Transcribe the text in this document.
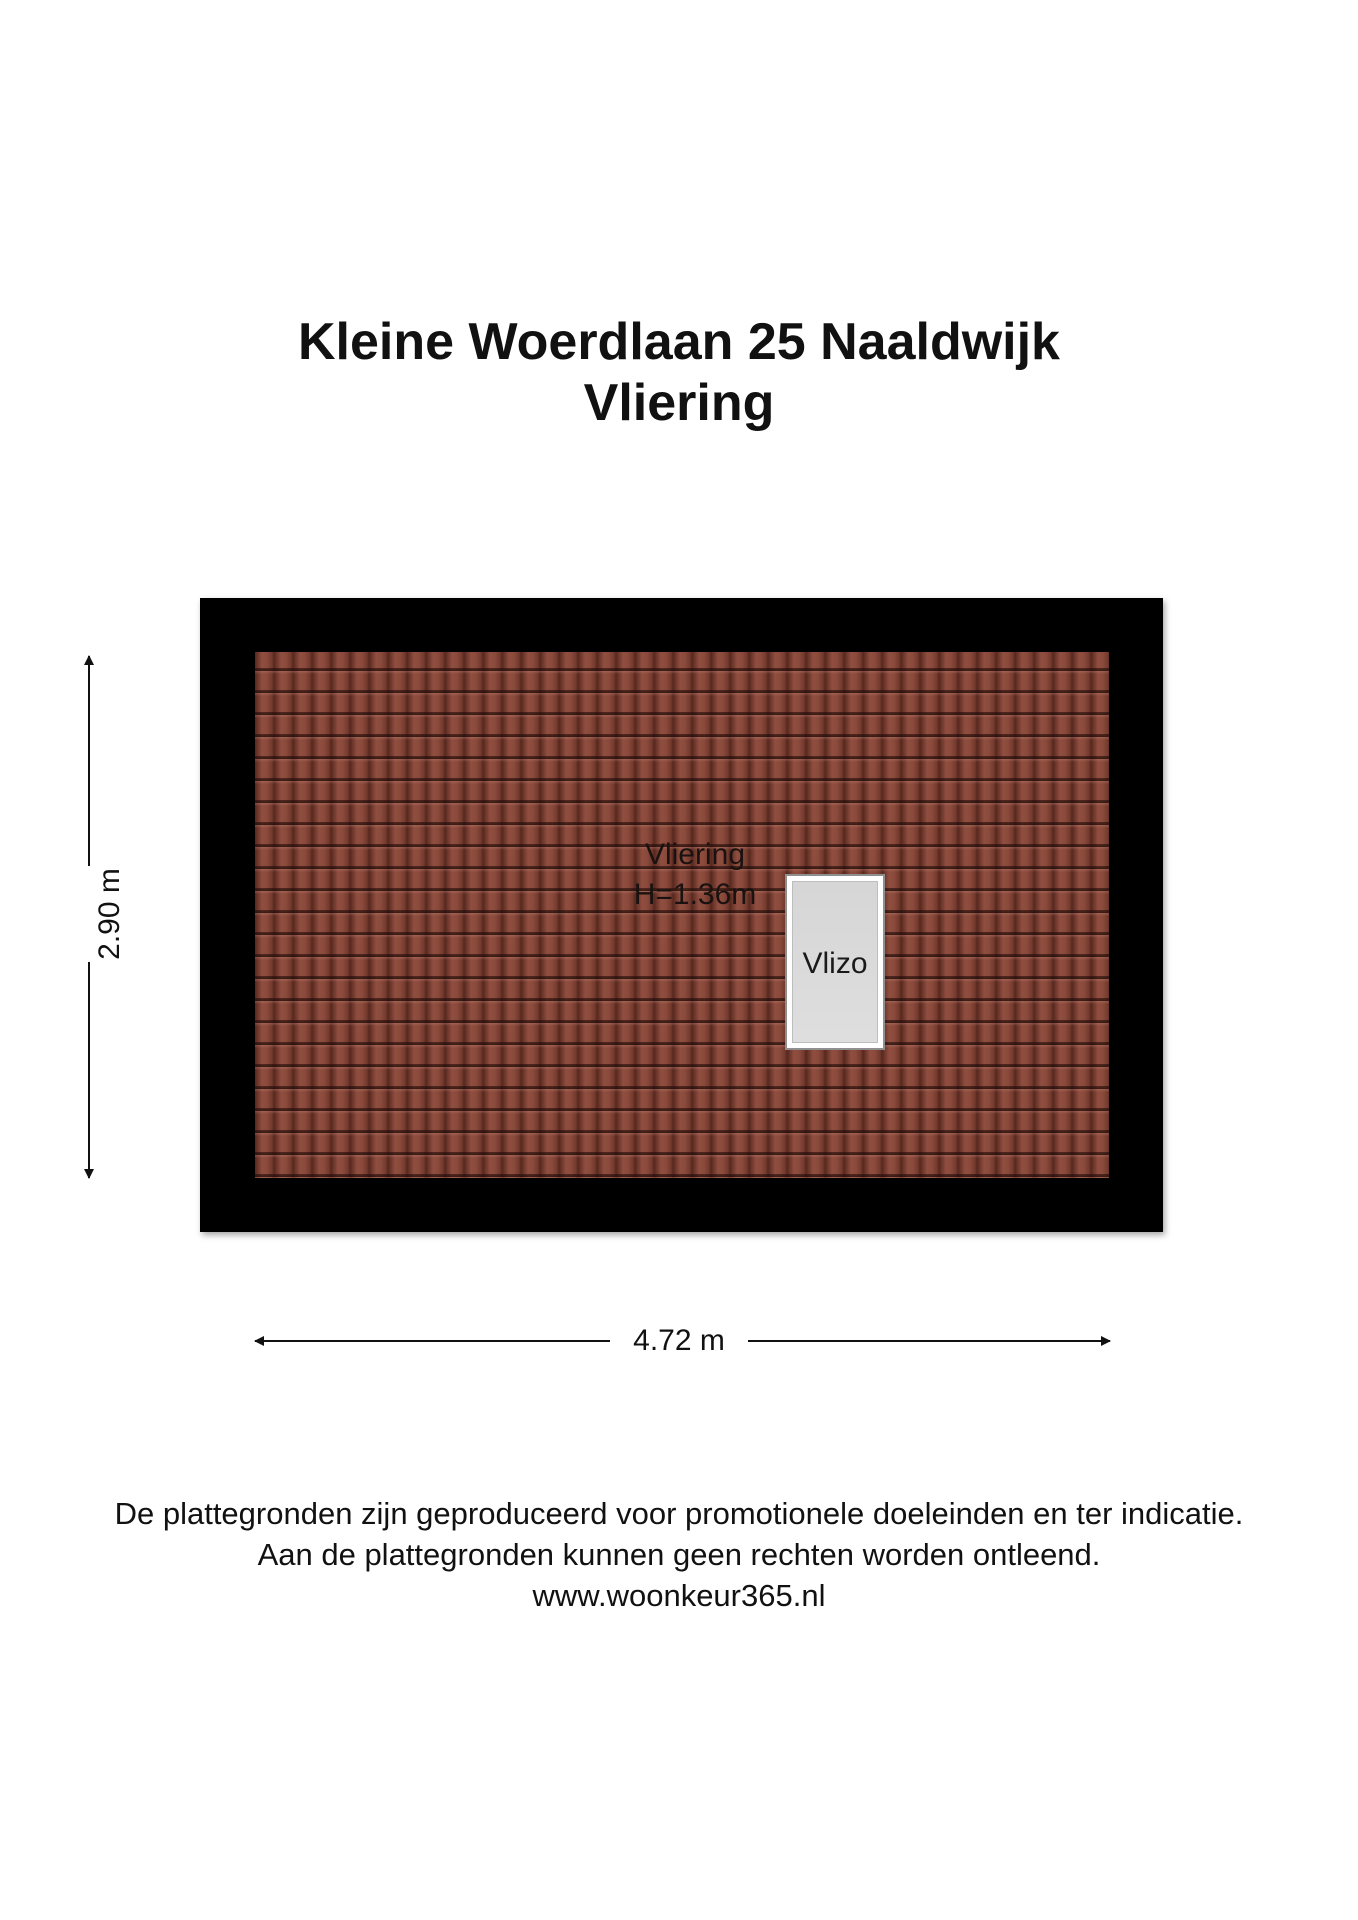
Kleine Woerdlaan 25 Naaldwijk
Vliering
Vliering
H=1.36m
Vlizo
2.90 m
4.72 m
De plattegronden zijn geproduceerd voor promotionele doeleinden en ter indicatie.
Aan de plattegronden kunnen geen rechten worden ontleend.
www.woonkeur365.nl
